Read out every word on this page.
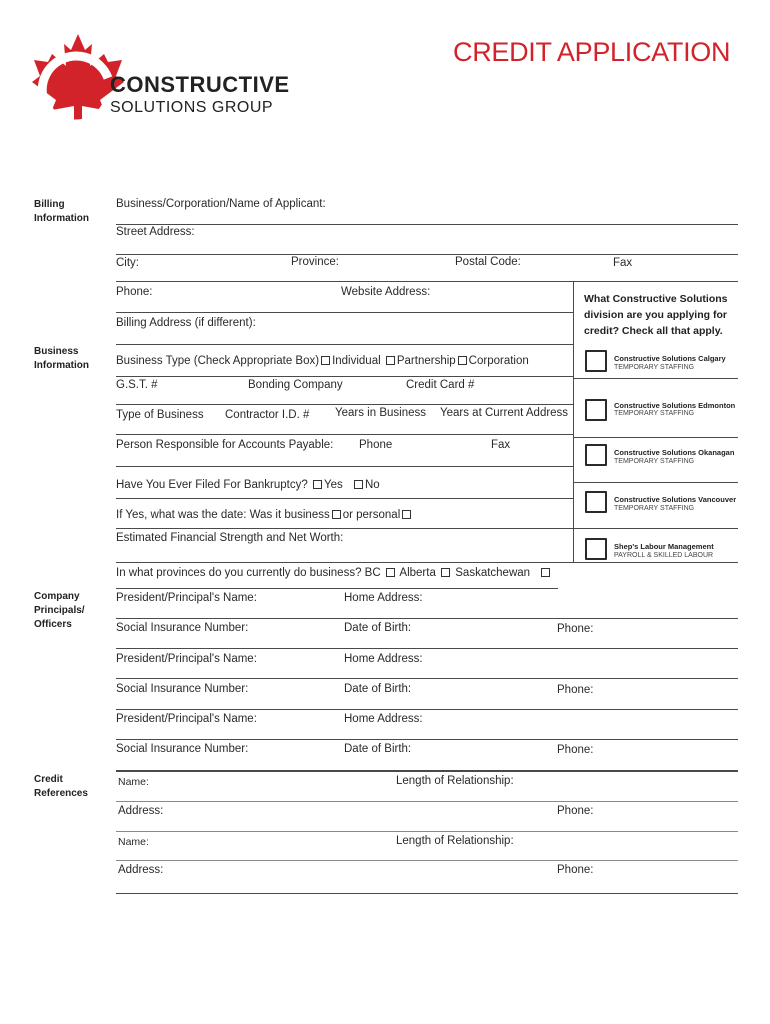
CONSTRUCTIVE
SOLUTIONS GROUP
CREDIT APPLICATION
Billing Information
Business Information
Company Principals/ Officers
Credit References
Business/Corporation/Name of Applicant:
Street Address:
City:	Province:	Postal Code:	Fax
Phone:	Website Address:
Billing Address (if different):
What Constructive Solutions division are you applying for credit? Check all that apply.
Constructive Solutions Calgary
TEMPORARY STAFFING
Constructive Solutions Edmonton
TEMPORARY STAFFING
Constructive Solutions Okanagan
TEMPORARY STAFFING
Constructive Solutions Vancouver
TEMPORARY STAFFING
Shep's Labour Management
PAYROLL & SKILLED LABOUR
Business Type (Check Appropriate Box) Individual Partnership Corporation
G.S.T. #	Bonding Company	Credit Card #
Type of Business Contractor I.D. # Years in Business Years at Current Address
Person Responsible for Accounts Payable: Phone	Fax
Have You Ever Filed For Bankruptcy? Yes No
If Yes, what was the date: Was it business or personal
Estimated Financial Strength and Net Worth:
In what provinces do you currently do business? BC Alberta Saskatchewan
President/Principal's Name:	Home Address:
Social Insurance Number:	Date of Birth:	Phone:
President/Principal's Name:	Home Address:
Social Insurance Number:	Date of Birth:	Phone:
President/Principal's Name:	Home Address:
Social Insurance Number:	Date of Birth:	Phone:
Name:	Length of Relationship:
Address:	Phone:
Name:	Length of Relationship:
Address:	Phone:
